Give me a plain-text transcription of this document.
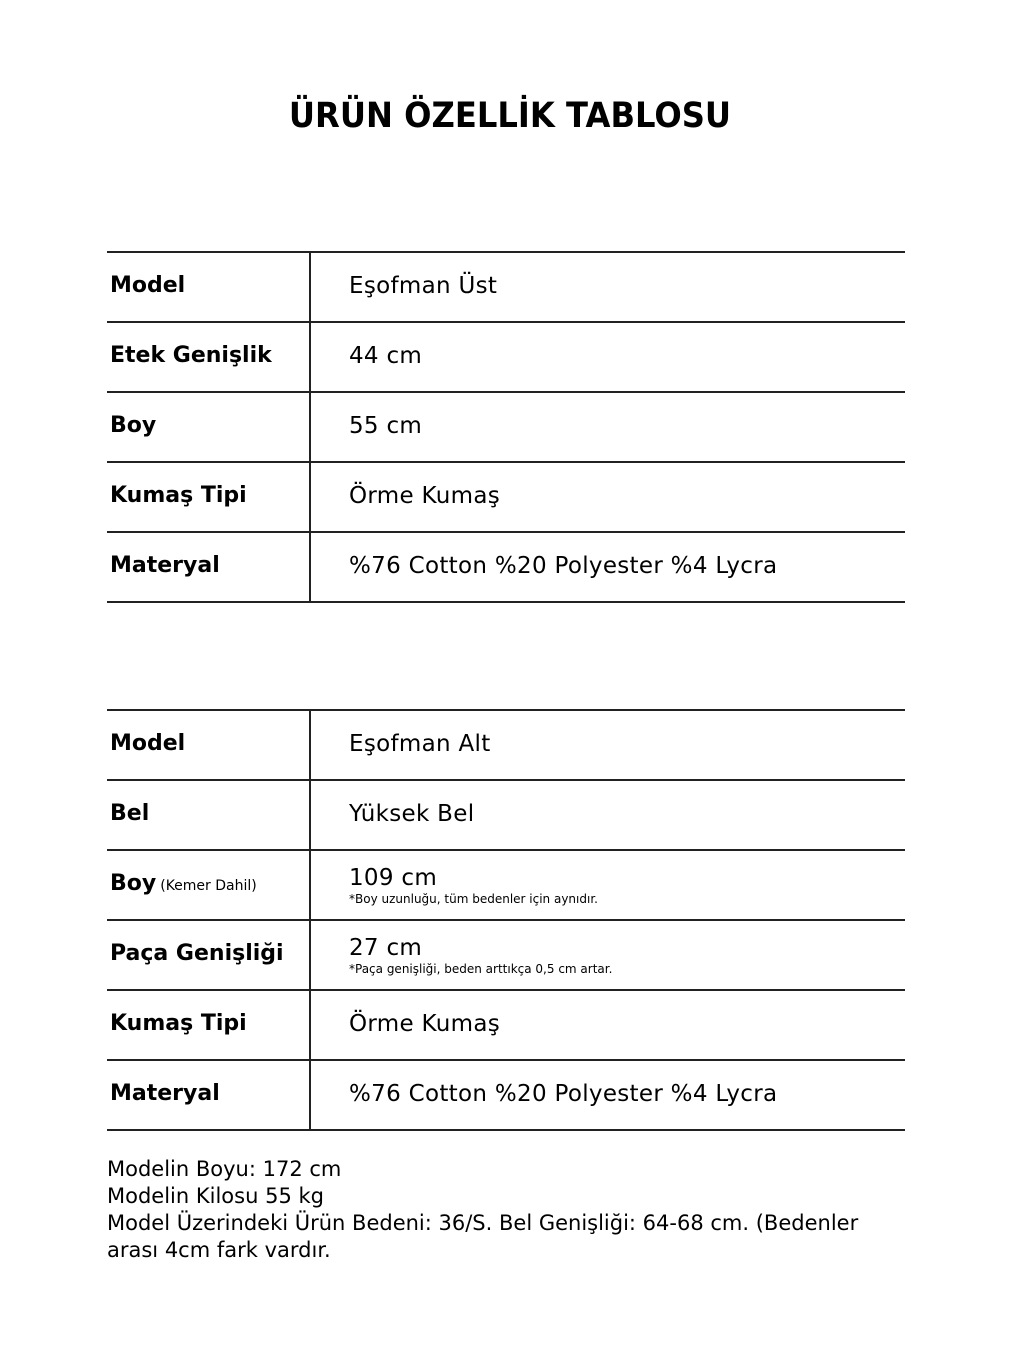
ÜRÜN ÖZELLİK TABLOSU
Model	Eşofman Üst
Etek Genişlik	44 cm
Boy	55 cm
Kumaş Tipi	Örme Kumaş
Materyal	%76 Cotton %20 Polyester %4 Lycra
Model	Eşofman Alt
Bel	Yüksek Bel
Boy (Kemer Dahil)	109 cm
*Boy uzunluğu, tüm bedenler için aynıdır.
Paça Genişliği	27 cm
*Paça genişliği, beden arttıkça 0,5 cm artar.
Kumaş Tipi	Örme Kumaş
Materyal	%76 Cotton %20 Polyester %4 Lycra
Modelin Boyu: 172 cm
Modelin Kilosu 55 kg
Model Üzerindeki Ürün Bedeni: 36/S. Bel Genişliği: 64-68 cm. (Bedenler arası 4cm fark vardır.
